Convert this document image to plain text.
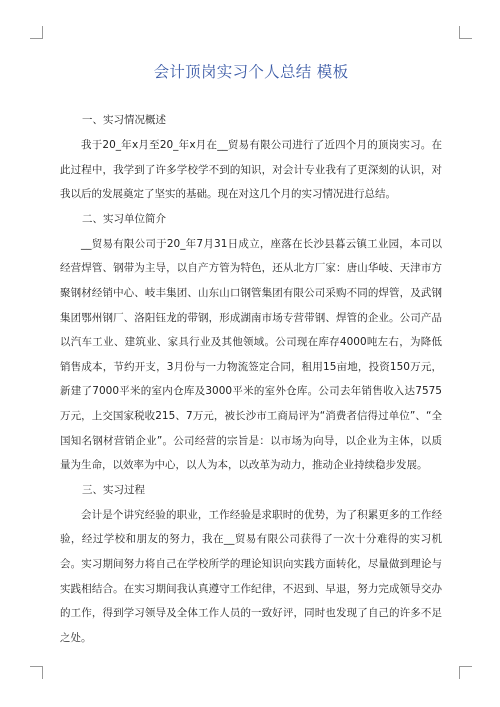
会计顶岗实习个人总结 模板
一、实习情况概述

我于20_年x月至20_年x月在__贸易有限公司进行了近四个月的顶岗实习。在此过程中，我学到了许多学校学不到的知识，对会计专业我有了更深刻的认识，对我以后的发展奠定了坚实的基础。现在对这几个月的实习情况进行总结。

二、实习单位简介

__贸易有限公司于20_年7月31日成立，座落在长沙县暮云镇工业园，本司以经营焊管、钢带为主导，以自产方管为特色，还从北方厂家：唐山华岐、天津市方聚钢材经销中心、岐丰集团、山东山口钢管集团有限公司采购不同的焊管，及武钢集团鄂州钢厂、洛阳钰龙的带钢，形成湖南市场专营带钢、焊管的企业。公司产品以汽车工业、建筑业、家具行业及其他领域。公司现在库存4000吨左右，为降低销售成本，节约开支，3月份与一力物流签定合同，租用15亩地，投资150万元，新建了7000平米的室内仓库及3000平米的室外仓库。公司去年销售收入达7575万元，上交国家税收215、7万元，被长沙市工商局评为“消费者信得过单位”、“全国知名钢材营销企业”。公司经营的宗旨是：以市场为向导，以企业为主体，以质量为生命，以效率为中心，以人为本，以改革为动力，推动企业持续稳步发展。

三、实习过程

会计是个讲究经验的职业，工作经验是求职时的优势，为了积累更多的工作经验，经过学校和朋友的努力，我在__贸易有限公司获得了一次十分难得的实习机会。实习期间努力将自己在学校所学的理论知识向实践方面转化，尽量做到理论与实践相结合。在实习期间我认真遵守工作纪律，不迟到、早退，努力完成领导交办的工作，得到学习领导及全体工作人员的一致好评，同时也发现了自己的许多不足之处。
